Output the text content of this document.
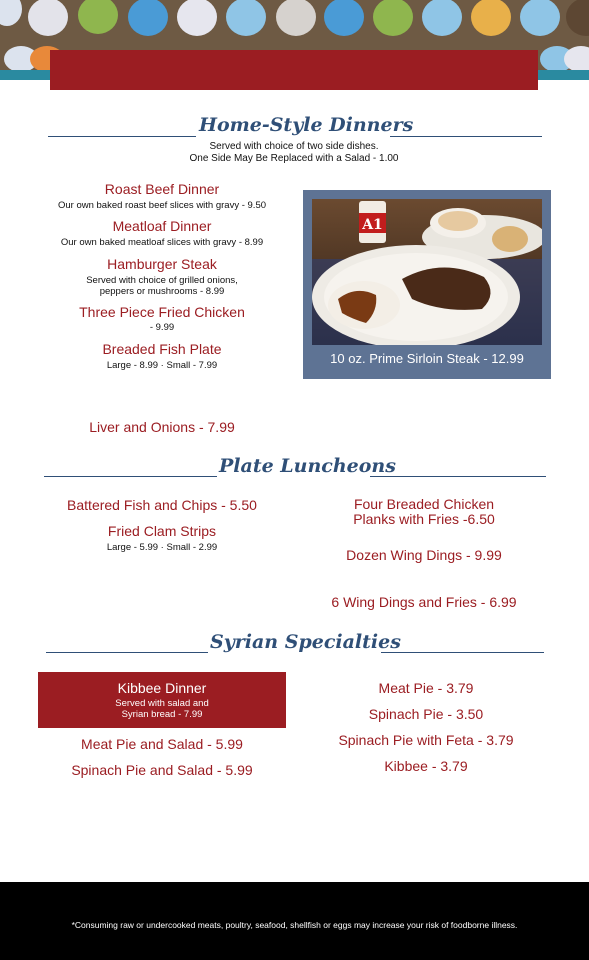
Home-Style Dinners
Served with choice of two side dishes.
One Side May Be Replaced with a Salad - 1.00
Roast Beef Dinner
Our own baked roast beef slices with gravy - 9.50
Meatloaf Dinner
Our own baked meatloaf slices with gravy - 8.99
Hamburger Steak
Served with choice of grilled onions,
peppers or mushrooms - 8.99
Three Piece Fried Chicken
- 9.99
Breaded Fish Plate
Large - 8.99 · Small - 7.99
A1
10 oz. Prime Sirloin Steak - 12.99
Liver and Onions - 7.99
Plate Luncheons
Battered Fish and Chips - 5.50
Fried Clam Strips
Large - 5.99 · Small - 2.99
Four Breaded Chicken
Planks with Fries -6.50
Dozen Wing Dings - 9.99
6 Wing Dings and Fries - 6.99
Syrian Specialties
Kibbee Dinner
Served with salad and
Syrian bread - 7.99
Meat Pie and Salad - 5.99
Spinach Pie and Salad - 5.99
Meat Pie - 3.79
Spinach Pie - 3.50
Spinach Pie with Feta - 3.79
Kibbee - 3.79
*Consuming raw or undercooked meats, poultry, seafood, shellfish or eggs may increase your risk of foodborne illness.
